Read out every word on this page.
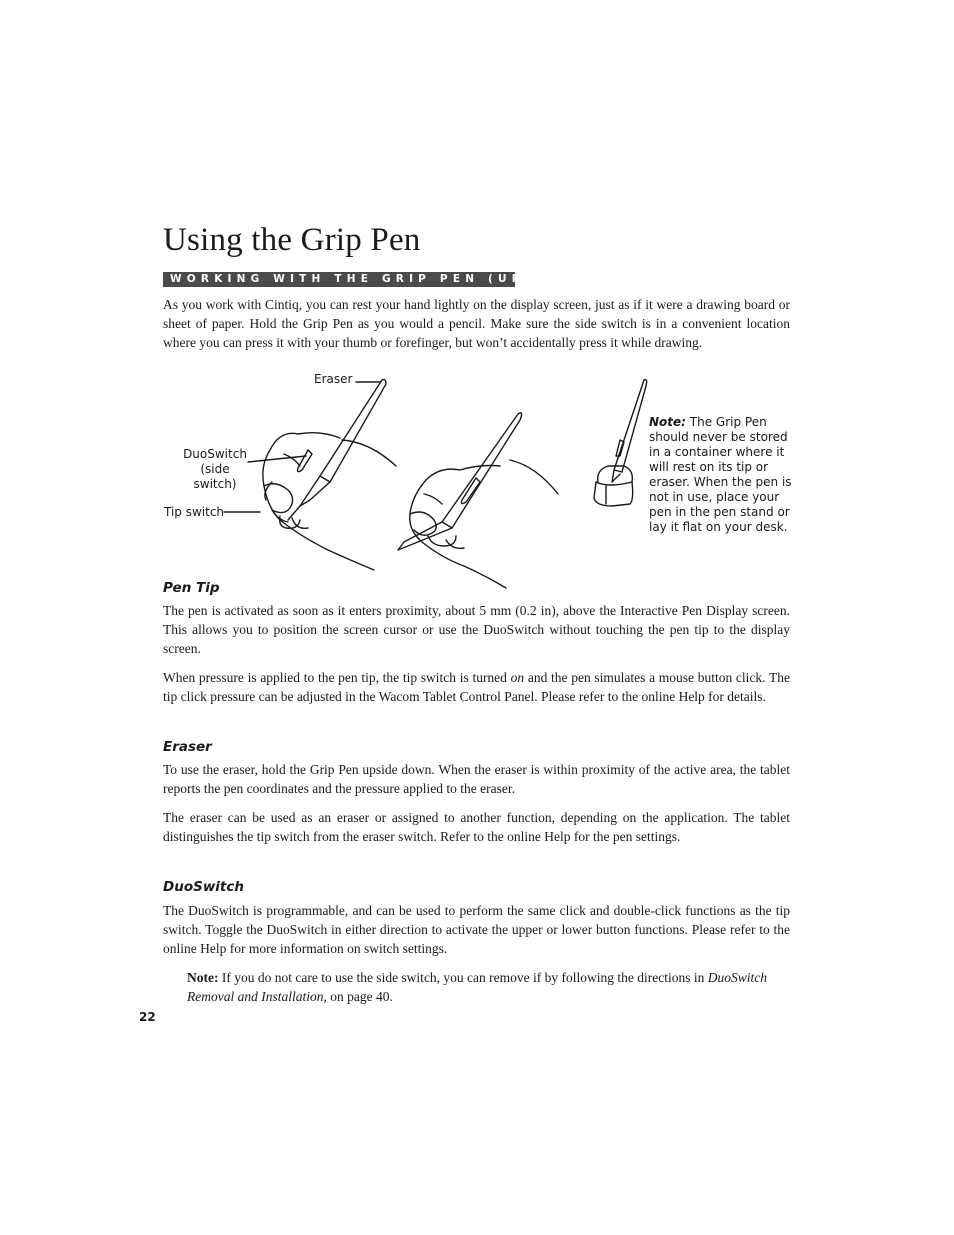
Using the Grip Pen
WORKING WITH THE GRIP PEN (UP-911E)

As you work with Cintiq, you can rest your hand lightly on the display screen, just as if it were a drawing board or sheet of paper. Hold the Grip Pen as you would a pencil. Make sure the side switch is in a convenient location where you can press it with your thumb or forefinger, but won’t accidentally press it while drawing.

Eraser
DuoSwitch
(side switch)
Tip switch
Note: The Grip Pen should never be stored in a container where it will rest on its tip or eraser. When the pen is not in use, place your pen in the pen stand or lay it flat on your desk.
Pen Tip

The pen is activated as soon as it enters proximity, about 5 mm (0.2 in), above the Interactive Pen Display screen. This allows you to position the screen cursor or use the DuoSwitch without touching the pen tip to the display screen.

When pressure is applied to the pen tip, the tip switch is turned on and the pen simulates a mouse button click. The tip click pressure can be adjusted in the Wacom Tablet Control Panel. Please refer to the online Help for details.

Eraser

To use the eraser, hold the Grip Pen upside down. When the eraser is within proximity of the active area, the tablet reports the pen coordinates and the pressure applied to the eraser.

The eraser can be used as an eraser or assigned to another function, depending on the application. The tablet distinguishes the tip switch from the eraser switch. Refer to the online Help for the pen settings.

DuoSwitch

The DuoSwitch is programmable, and can be used to perform the same click and double-click functions as the tip switch. Toggle the DuoSwitch in either direction to activate the upper or lower button functions. Please refer to the online Help for more information on switch settings.

Note: If you do not care to use the side switch, you can remove if by following the directions in DuoSwitch Removal and Installation, on page 40.

22
